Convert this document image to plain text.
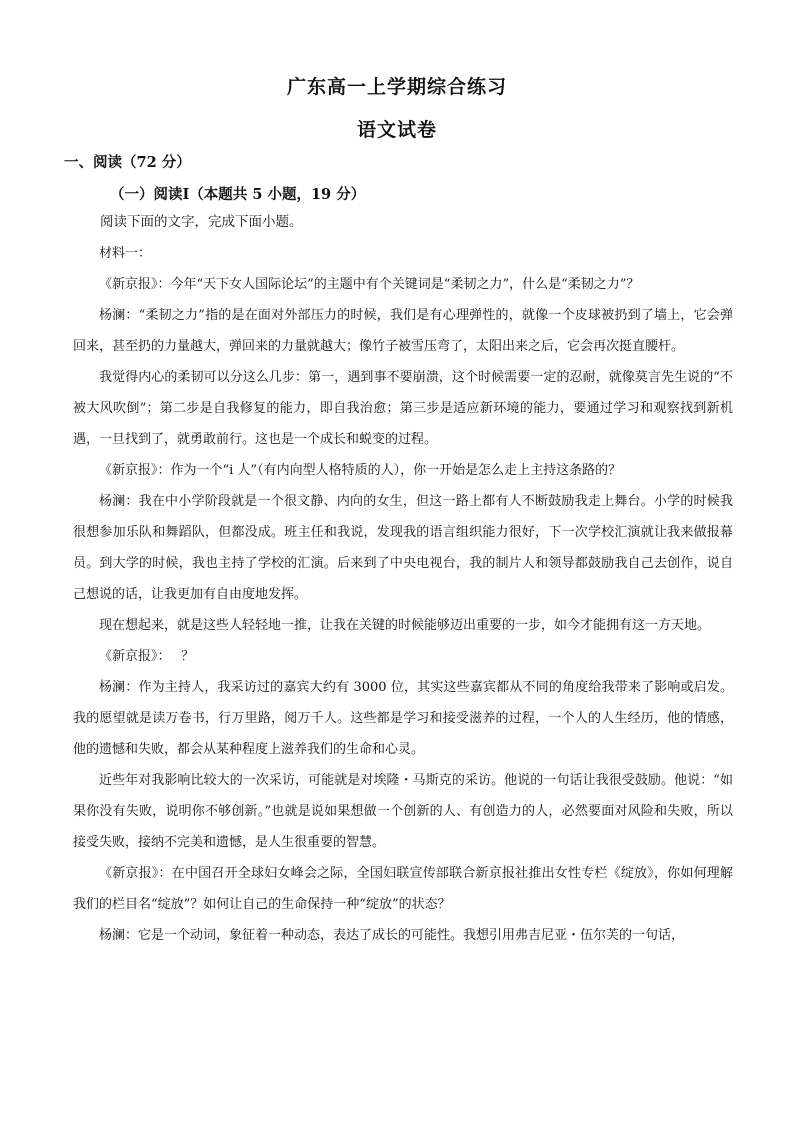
广东高一上学期综合练习
语文试卷
一、阅读（72 分）
（一）阅读Ⅰ（本题共 5 小题，19 分）

阅读下面的文字，完成下面小题。

材料一：

《新京报》：今年“天下女人国际论坛”的主题中有个关键词是“柔韧之力”，什么是“柔韧之力”？

杨澜：“柔韧之力”指的是在面对外部压力的时候，我们是有心理弹性的，就像一个皮球被扔到了墙上，它会弹回来，甚至扔的力量越大，弹回来的力量就越大；像竹子被雪压弯了，太阳出来之后，它会再次挺直腰杆。

我觉得内心的柔韧可以分这么几步：第一，遇到事不要崩溃，这个时候需要一定的忍耐，就像莫言先生说的“不被大风吹倒”；第二步是自我修复的能力，即自我治愈；第三步是适应新环境的能力，要通过学习和观察找到新机遇，一旦找到了，就勇敢前行。这也是一个成长和蜕变的过程。

《新京报》：作为一个“i 人”（有内向型人格特质的人），你一开始是怎么走上主持这条路的？

杨澜：我在中小学阶段就是一个很文静、内向的女生，但这一路上都有人不断鼓励我走上舞台。小学的时候我很想参加乐队和舞蹈队，但都没成。班主任和我说，发现我的语言组织能力很好，下一次学校汇演就让我来做报幕员。到大学的时候，我也主持了学校的汇演。后来到了中央电视台，我的制片人和领导都鼓励我自己去创作，说自己想说的话，让我更加有自由度地发挥。

现在想起来，就是这些人轻轻地一推，让我在关键的时候能够迈出重要的一步，如今才能拥有这一方天地。

《新京报》：　 ？

杨澜：作为主持人，我采访过的嘉宾大约有 3000 位，其实这些嘉宾都从不同的角度给我带来了影响或启发。我的愿望就是读万卷书，行万里路，阅万千人。这些都是学习和接受滋养的过程，一个人的人生经历，他的情感，他的遗憾和失败，都会从某种程度上滋养我们的生命和心灵。

近些年对我影响比较大的一次采访，可能就是对埃隆・马斯克的采访。他说的一句话让我很受鼓励。他说：“如果你没有失败，说明你不够创新。”也就是说如果想做一个创新的人、有创造力的人，必然要面对风险和失败，所以接受失败，接纳不完美和遗憾，是人生很重要的智慧。

《新京报》：在中国召开全球妇女峰会之际，全国妇联宣传部联合新京报社推出女性专栏《绽放》，你如何理解我们的栏目名“绽放”？如何让自己的生命保持一种“绽放”的状态？

杨澜：它是一个动词，象征着一种动态，表达了成长的可能性。我想引用弗吉尼亚・伍尔芙的一句话，
